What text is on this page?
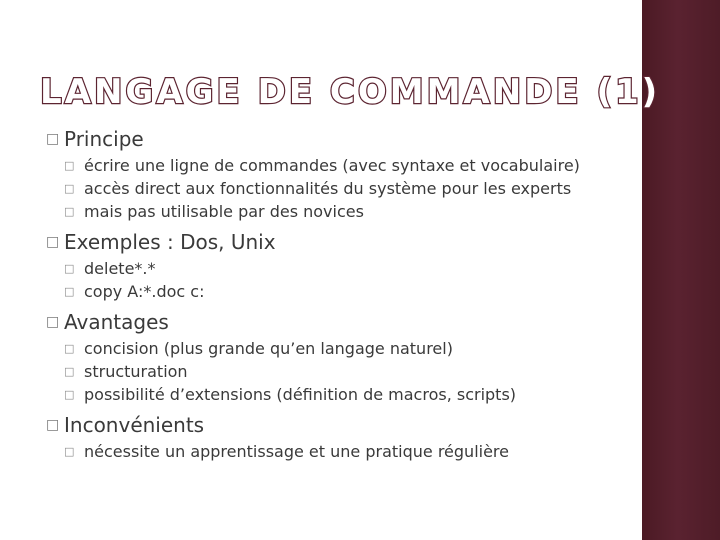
LANGAGE DE COMMANDE (1)
□ Principe
□ écrire une ligne de commandes (avec syntaxe et vocabulaire)
□ accès direct aux fonctionnalités du système pour les experts
□ mais pas utilisable par des novices
□ Exemples : Dos, Unix
□ delete*.*
□ copy A:*.doc c:
□ Avantages
□ concision (plus grande qu’en langage naturel)
□ structuration
□ possibilité d’extensions (définition de macros, scripts)
□ Inconvénients
□ nécessite un apprentissage et une pratique régulière
